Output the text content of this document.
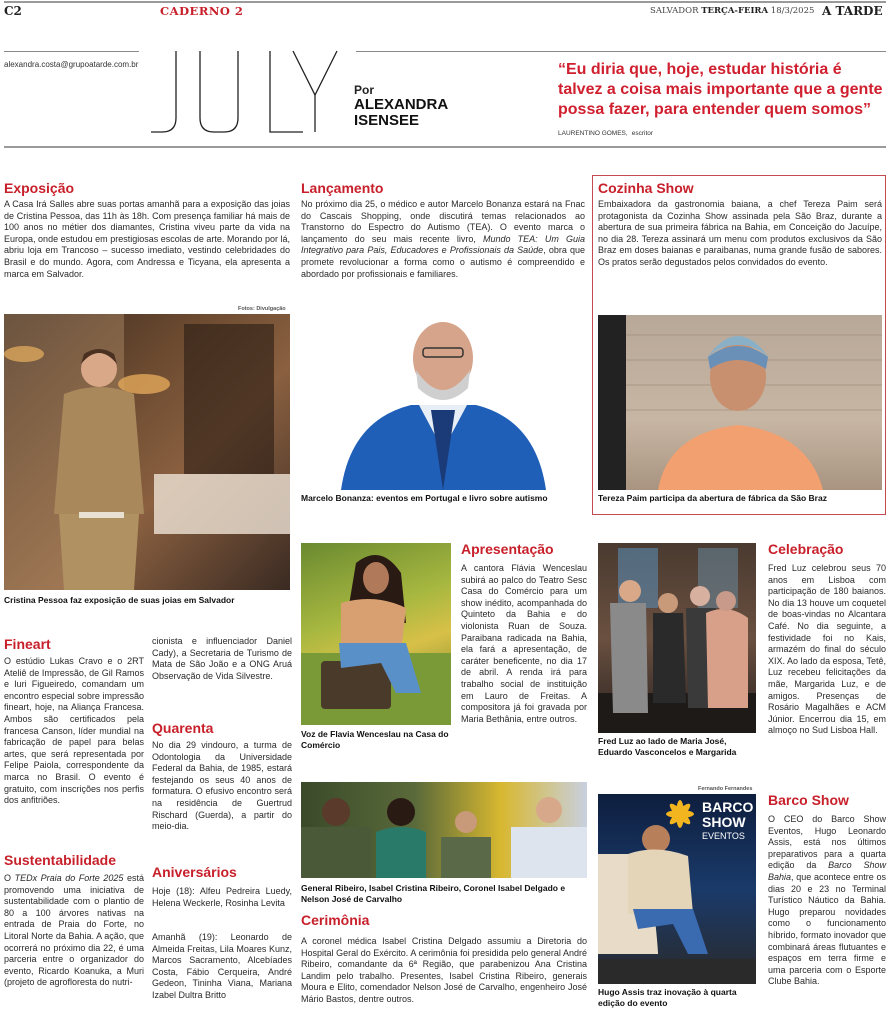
C2	CADERNO 2	SALVADOR TERÇA-FEIRA 18/3/2025 A TARDE
alexandra.costa@grupoatarde.com.br
Por
ALEXANDRA
ISENSEE
“Eu diria que, hoje, estudar história é talvez a coisa mais importante que a gente possa fazer, para entender quem somos”
LAURENTINO GOMES, escritor
Exposição
A Casa Irá Salles abre suas portas amanhã para a exposição das joias de Cristina Pessoa, das 11h às 18h. Com presença familiar há mais de 100 anos no métier dos diamantes, Cristina viveu parte da vida na Europa, onde estudou em prestigiosas escolas de arte. Morando por lá, abriu loja em Trancoso – sucesso imediato, vestindo celebridades do Brasil e do mundo. Agora, com Andressa e Ticyana, ela apresenta a marca em Salvador.
Fotos: Divulgação
Cristina Pessoa faz exposição de suas joias em Salvador
Lançamento
No próximo dia 25, o médico e autor Marcelo Bonanza estará na Fnac do Cascais Shopping, onde discutirá temas relacionados ao Transtorno do Espectro do Autismo (TEA). O evento marca o lançamento do seu mais recente livro, Mundo TEA: Um Guia Integrativo para Pais, Educadores e Profissionais da Saúde, obra que promete revolucionar a forma como o autismo é compreendido e abordado por profissionais e familiares.
Marcelo Bonanza: eventos em Portugal e livro sobre autismo
Cozinha Show
Embaixadora da gastronomia baiana, a chef Tereza Paim será protagonista da Cozinha Show assinada pela São Braz, durante a abertura de sua primeira fábrica na Bahia, em Conceição do Jacuípe, no dia 28. Tereza assinará um menu com produtos exclusivos da São Braz em doses baianas e paraibanas, numa grande fusão de sabores. Os pratos serão degustados pelos convidados do evento.
Tereza Paim participa da abertura de fábrica da São Braz
Fineart
O estúdio Lukas Cravo e o 2RT Ateliê de Impressão, de Gil Ramos e Iuri Figueiredo, comandam um encontro especial sobre impressão fineart, hoje, na Aliança Francesa. Ambos são certificados pela francesa Canson, líder mundial na fabricação de papel para belas artes, que será representada por Felipe Paiola, correspondente da marca no Brasil. O evento é gratuito, com inscrições nos perfis dos anfitriões.
Sustentabilidade
O TEDx Praia do Forte 2025 está promovendo uma iniciativa de sustentabilidade com o plantio de 80 a 100 árvores nativas na entrada de Praia do Forte, no Litoral Norte da Bahia. A ação, que ocorrerá no próximo dia 22, é uma parceria entre o organizador do evento, Ricardo Koanuka, a Muri (projeto de agrofloresta do nutri-
cionista e influenciador Daniel Cady), a Secretaria de Turismo de Mata de São João e a ONG Aruá Observação de Vida Silvestre.
Quarenta
No dia 29 vindouro, a turma de Odontologia da Universidade Federal da Bahia, de 1985, estará festejando os seus 40 anos de formatura. O efusivo encontro será na residência de Guertrud Rischard (Guerda), a partir do meio-dia.
Aniversários
Hoje (18): Alfeu Pedreira Luedy, Helena Weckerle, Rosinha Levita
Amanhã (19): Leonardo de Almeida Freitas, Lila Moares Kunz, Marcos Sacramento, Alcebíades Costa, Fábio Cerqueira, André Gedeon, Tininha Viana, Mariana Izabel Dultra Britto
Voz de Flavia Wenceslau na Casa do Comércio
Apresentação
A cantora Flávia Wenceslau subirá ao palco do Teatro Sesc Casa do Comércio para um show inédito, acompanhada do Quinteto da Bahia e do violonista Ruan de Souza. Paraibana radicada na Bahia, ela fará a apresentação, de caráter beneficente, no dia 17 de abril. A renda irá para trabalho social de instituição em Lauro de Freitas. A compositora já foi gravada por Maria Bethânia, entre outros.
General Ribeiro, Isabel Cristina Ribeiro, Coronel Isabel Delgado e Nelson José de Carvalho
Cerimônia
A coronel médica Isabel Cristina Delgado assumiu a Diretoria do Hospital Geral do Exército. A cerimônia foi presidida pelo general André Ribeiro, comandante da 6ª Região, que parabenizou Ana Cristina Landim pelo trabalho. Presentes, Isabel Cristina Ribeiro, generais Moura e Elito, comendador Nelson José de Carvalho, engenheiro José Mário Bastos, dentre outros.
Fred Luz ao lado de Maria José, Eduardo Vasconcelos e Margarida
Celebração
Fred Luz celebrou seus 70 anos em Lisboa com participação de 180 baianos. No dia 13 houve um coquetel de boas-vindas no Alcantara Café. No dia seguinte, a festividade foi no Kais, armazém do final do século XIX. Ao lado da esposa, Tetê, Luz recebeu felicitações da mãe, Margarida Luz, e de amigos. Presenças de Rosário Magalhães e ACM Júnior. Encerrou dia 15, em almoço no Sud Lisboa Hall.
Fernando Fernandes
BARCO
SHOW
EVENTOS
Hugo Assis traz inovação à quarta edição do evento
Barco Show
O CEO do Barco Show Eventos, Hugo Leonardo Assis, está nos últimos preparativos para a quarta edição da Barco Show Bahia, que acontece entre os dias 20 e 23 no Terminal Turístico Náutico da Bahia. Hugo preparou novidades como o funcionamento híbrido, formato inovador que combinará áreas flutuantes e espaços em terra firme e uma parceria com o Esporte Clube Bahia.
